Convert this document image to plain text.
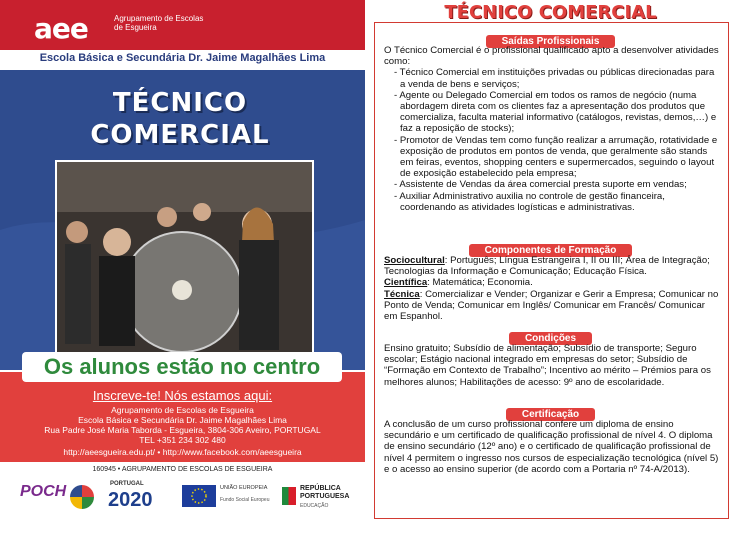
aee	Agrupamento de Escolas de Esgueira
Escola Básica e Secundária Dr. Jaime Magalhães Lima
TÉCNICO
COMERCIAL
Os alunos estão no centro
Inscreve-te! Nós estamos aqui:
Agrupamento de Escolas de Esgueira
Escola Básica e Secundária Dr. Jaime Magalhães Lima
Rua Padre José Maria Taborda - Esgueira, 3804-306 Aveiro, PORTUGAL
TEL +351 234 302 480
http://aeesgueira.edu.pt/ • http://www.facebook.com/aeesgueira
160945 • AGRUPAMENTO DE ESCOLAS DE ESGUEIRA
POCH	PORTUGAL
2020
UNIÃO EUROPEIA
Fundo Social Europeu
REPÚBLICA
PORTUGUESA
EDUCAÇÃO
TÉCNICO COMERCIAL
Saídas Profissionais
O Técnico Comercial é o profissional qualificado apto a desenvolver atividades como:
- Técnico Comercial em instituições privadas ou públicas direcionadas para a venda de bens e serviços;
- Agente ou Delegado Comercial em todos os ramos de negócio (numa abordagem direta com os clientes faz a apresentação dos produtos que comercializa, faculta material informativo (catálogos, revistas, demos,…) e faz a reposição de stocks);
- Promotor de Vendas tem como função realizar a arrumação, rotatividade e exposição de produtos em pontos de venda, que geralmente são stands em feiras, eventos, shopping centers e supermercados, seguindo o layout de exposição estabelecido pela empresa;
- Assistente de Vendas da área comercial presta suporte em vendas;
- Auxiliar Administrativo auxilia no controle de gestão financeira, coordenando as atividades logísticas e administrativas.
Componentes de Formação
Sociocultural: Português; Língua Estrangeira I, II ou III; Área de Integração; Tecnologias da Informação e Comunicação; Educação Física.
Científica: Matemática; Economia.
Técnica: Comercializar e Vender; Organizar e Gerir a Empresa; Comunicar no Ponto de Venda; Comunicar em Inglês/ Comunicar em Francês/ Comunicar em Espanhol.
Condições
Ensino gratuito; Subsídio de alimentação; Subsídio de transporte; Seguro escolar; Estágio nacional integrado em empresas do setor; Subsídio de “Formação em Contexto de Trabalho”; Incentivo ao mérito – Prémios para os melhores alunos; Habilitações de acesso: 9º ano de escolaridade.
Certificação
A conclusão de um curso profissional confere um diploma de ensino secundário e um certificado de qualificação profissional de nível 4. O diploma de ensino secundário (12º ano) e o certificado de qualificação profissional de nível 4 permitem o ingresso nos cursos de especialização tecnológica (nível 5) e o acesso ao ensino superior (de acordo com a Portaria nº 74-A/2013).
